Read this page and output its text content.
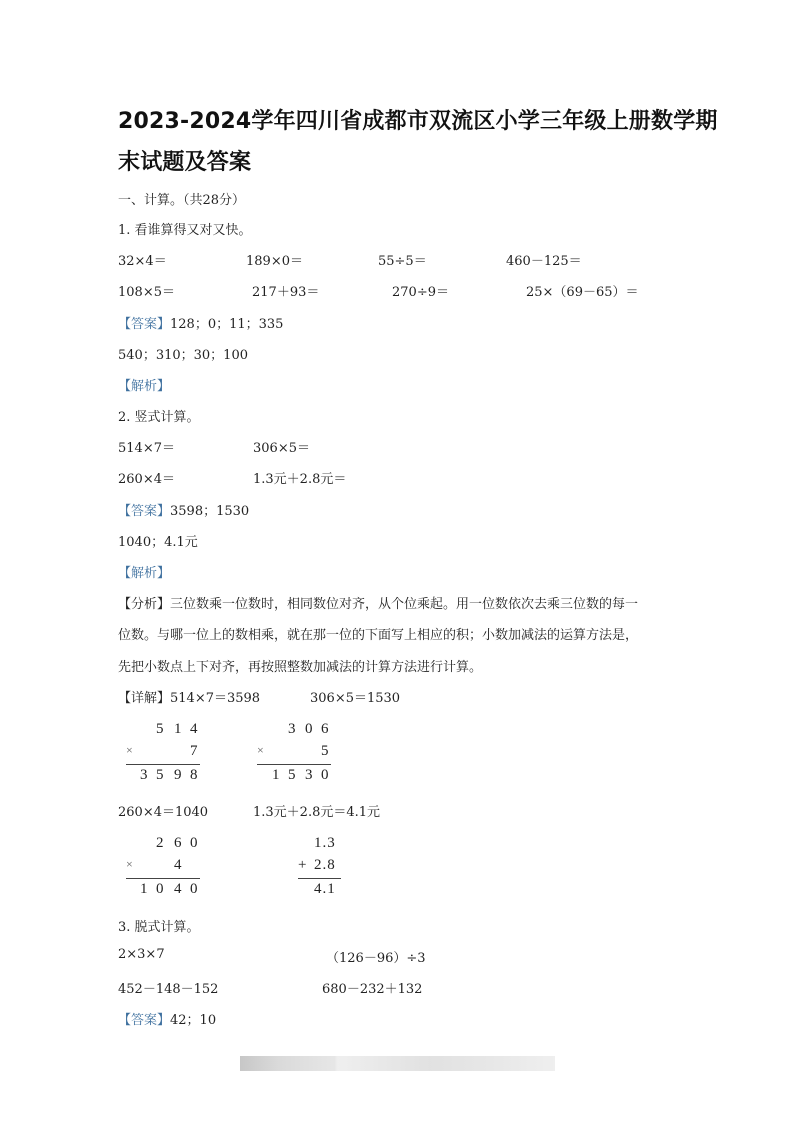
2023-2024学年四川省成都市双流区小学三年级上册数学期
末试题及答案
一、计算。（共28分）
1. 看谁算得又对又快。
32×4＝	189×0＝	55÷5＝	460－125＝
108×5＝	217＋93＝	270÷9＝	25×（69－65）＝
【答案】128；0；11；335
540；310；30；100
【解析】
2. 竖式计算。
514×7＝	306×5＝
260×4＝	1.3元＋2.8元＝
【答案】3598；1530
1040；4.1元
【解析】
【分析】三位数乘一位数时，相同数位对齐，从个位乘起。用一位数依次去乘三位数的每一
位数。与哪一位上的数相乘，就在那一位的下面写上相应的积；小数加减法的运算方法是，
先把小数点上下对齐，再按照整数加减法的计算方法进行计算。
【详解】514×7＝3598	306×5＝1530
5 1 4
×	7
3 5 9 8
3 0 6
×	5
1 5 3 0
260×4＝1040	1.3元＋2.8元＝4.1元
2 6 0
×	4
1 0 4 0
1.3
+ 2.8
4.1
3. 脱式计算。
2×3×7	（126－96）÷3
452－148－152	680－232＋132
【答案】42；10
